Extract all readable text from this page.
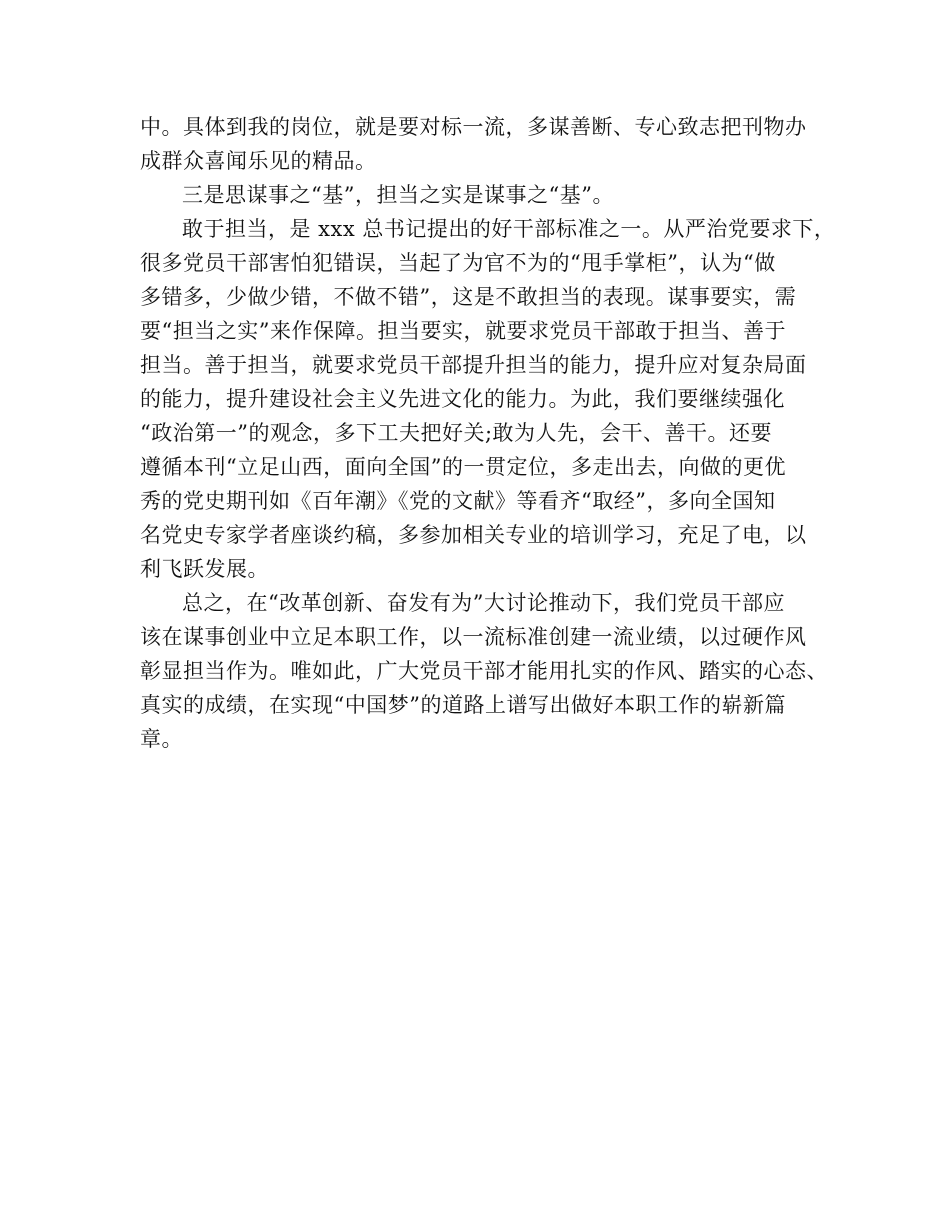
中。具体到我的岗位，就是要对标一流，多谋善断、专心致志把刊物办
成群众喜闻乐见的精品。

三是思谋事之“基”，担当之实是谋事之“基”。

敢于担当，是 xxx 总书记提出的好干部标准之一。从严治党要求下，
很多党员干部害怕犯错误，当起了为官不为的“甩手掌柜”，认为“做
多错多，少做少错，不做不错”，这是不敢担当的表现。谋事要实，需
要“担当之实”来作保障。担当要实，就要求党员干部敢于担当、善于
担当。善于担当，就要求党员干部提升担当的能力，提升应对复杂局面
的能力，提升建设社会主义先进文化的能力。为此，我们要继续强化
“政治第一”的观念，多下工夫把好关;敢为人先，会干、善干。还要
遵循本刊“立足山西，面向全国”的一贯定位，多走出去，向做的更优
秀的党史期刊如《百年潮》《党的文献》等看齐“取经”，多向全国知
名党史专家学者座谈约稿，多参加相关专业的培训学习，充足了电，以
利飞跃发展。

总之，在“改革创新、奋发有为”大讨论推动下，我们党员干部应
该在谋事创业中立足本职工作，以一流标准创建一流业绩，以过硬作风
彰显担当作为。唯如此，广大党员干部才能用扎实的作风、踏实的心态、
真实的成绩，在实现“中国梦”的道路上谱写出做好本职工作的崭新篇
章。
